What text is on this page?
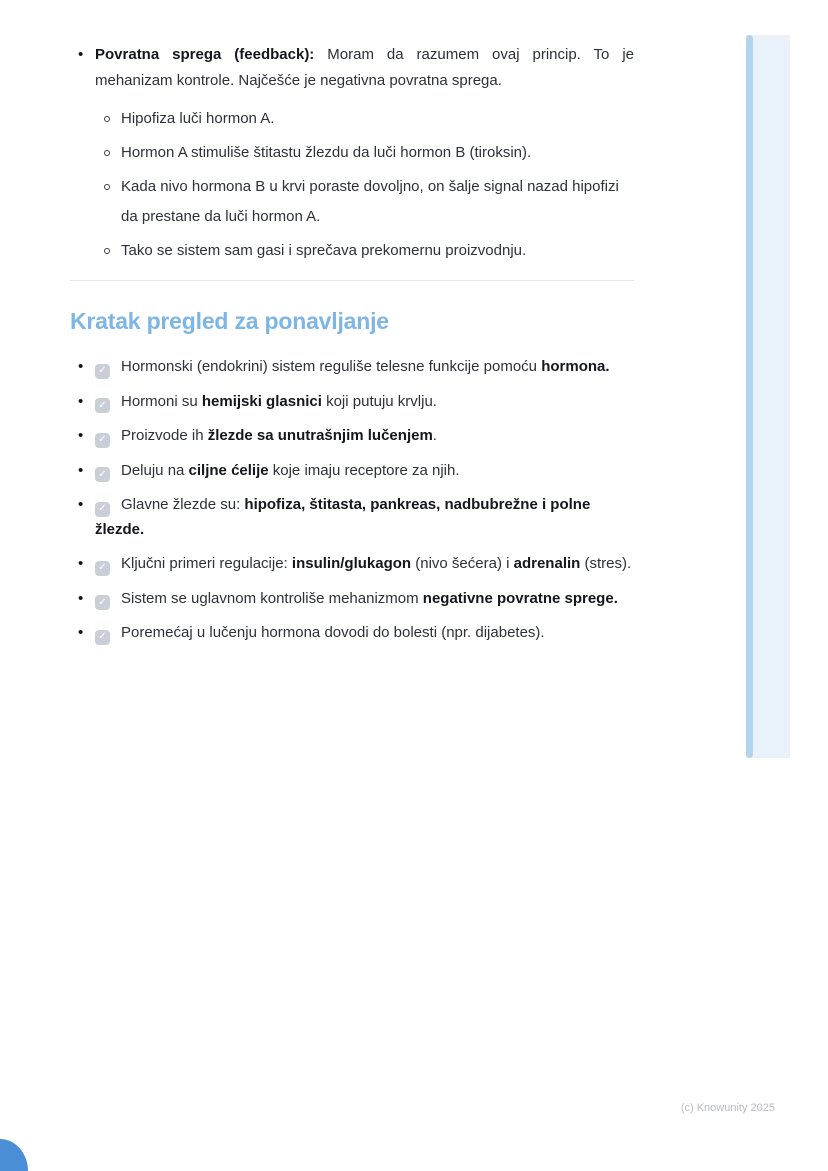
• Povratna sprega (feedback): Moram da razumem ovaj princip. To je mehanizam kontrole. Najčešće je negativna povratna sprega.

Hipofiza luči hormon A.
Hormon A stimuliše štitastu žlezdu da luči hormon B (tiroksin).
Kada nivo hormona B u krvi poraste dovoljno, on šalje signal nazad hipofizi da prestane da luči hormon A.
Tako se sistem sam gasi i sprečava prekomernu proizvodnju.
Kratak pregled za ponavljanje
•	✓ Hormonski (endokrini) sistem reguliše telesne funkcije pomoću hormona.
•	✓ Hormoni su hemijski glasnici koji putuju krvlju.
•	✓ Proizvode ih žlezde sa unutrašnjim lučenjem.
•	✓ Deluju na ciljne ćelije koje imaju receptore za njih.
•	✓ Glavne žlezde su: hipofiza, štitasta, pankreas, nadbubrežne i polne žlezde.
•	✓ Ključni primeri regulacije: insulin/glukagon (nivo šećera) i adrenalin (stres).
•	✓ Sistem se uglavnom kontroliše mehanizmom negativne povratne sprege.
•	✓ Poremećaj u lučenju hormona dovodi do bolesti (npr. dijabetes).
(c) Knowunity 2025
